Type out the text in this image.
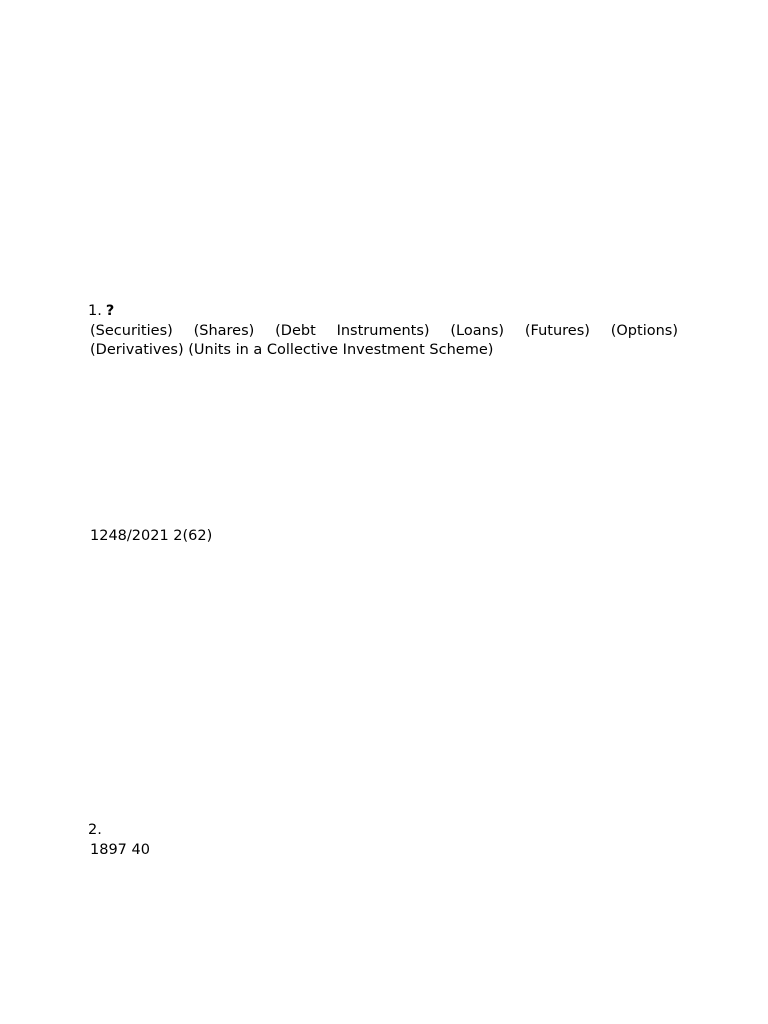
1. ?

(Securities) (Shares) (Debt Instruments) (Loans) (Futures) (Options) (Derivatives) (Units in a Collective Investment Scheme)

1248/2021 2(62)

2.

1897 40
